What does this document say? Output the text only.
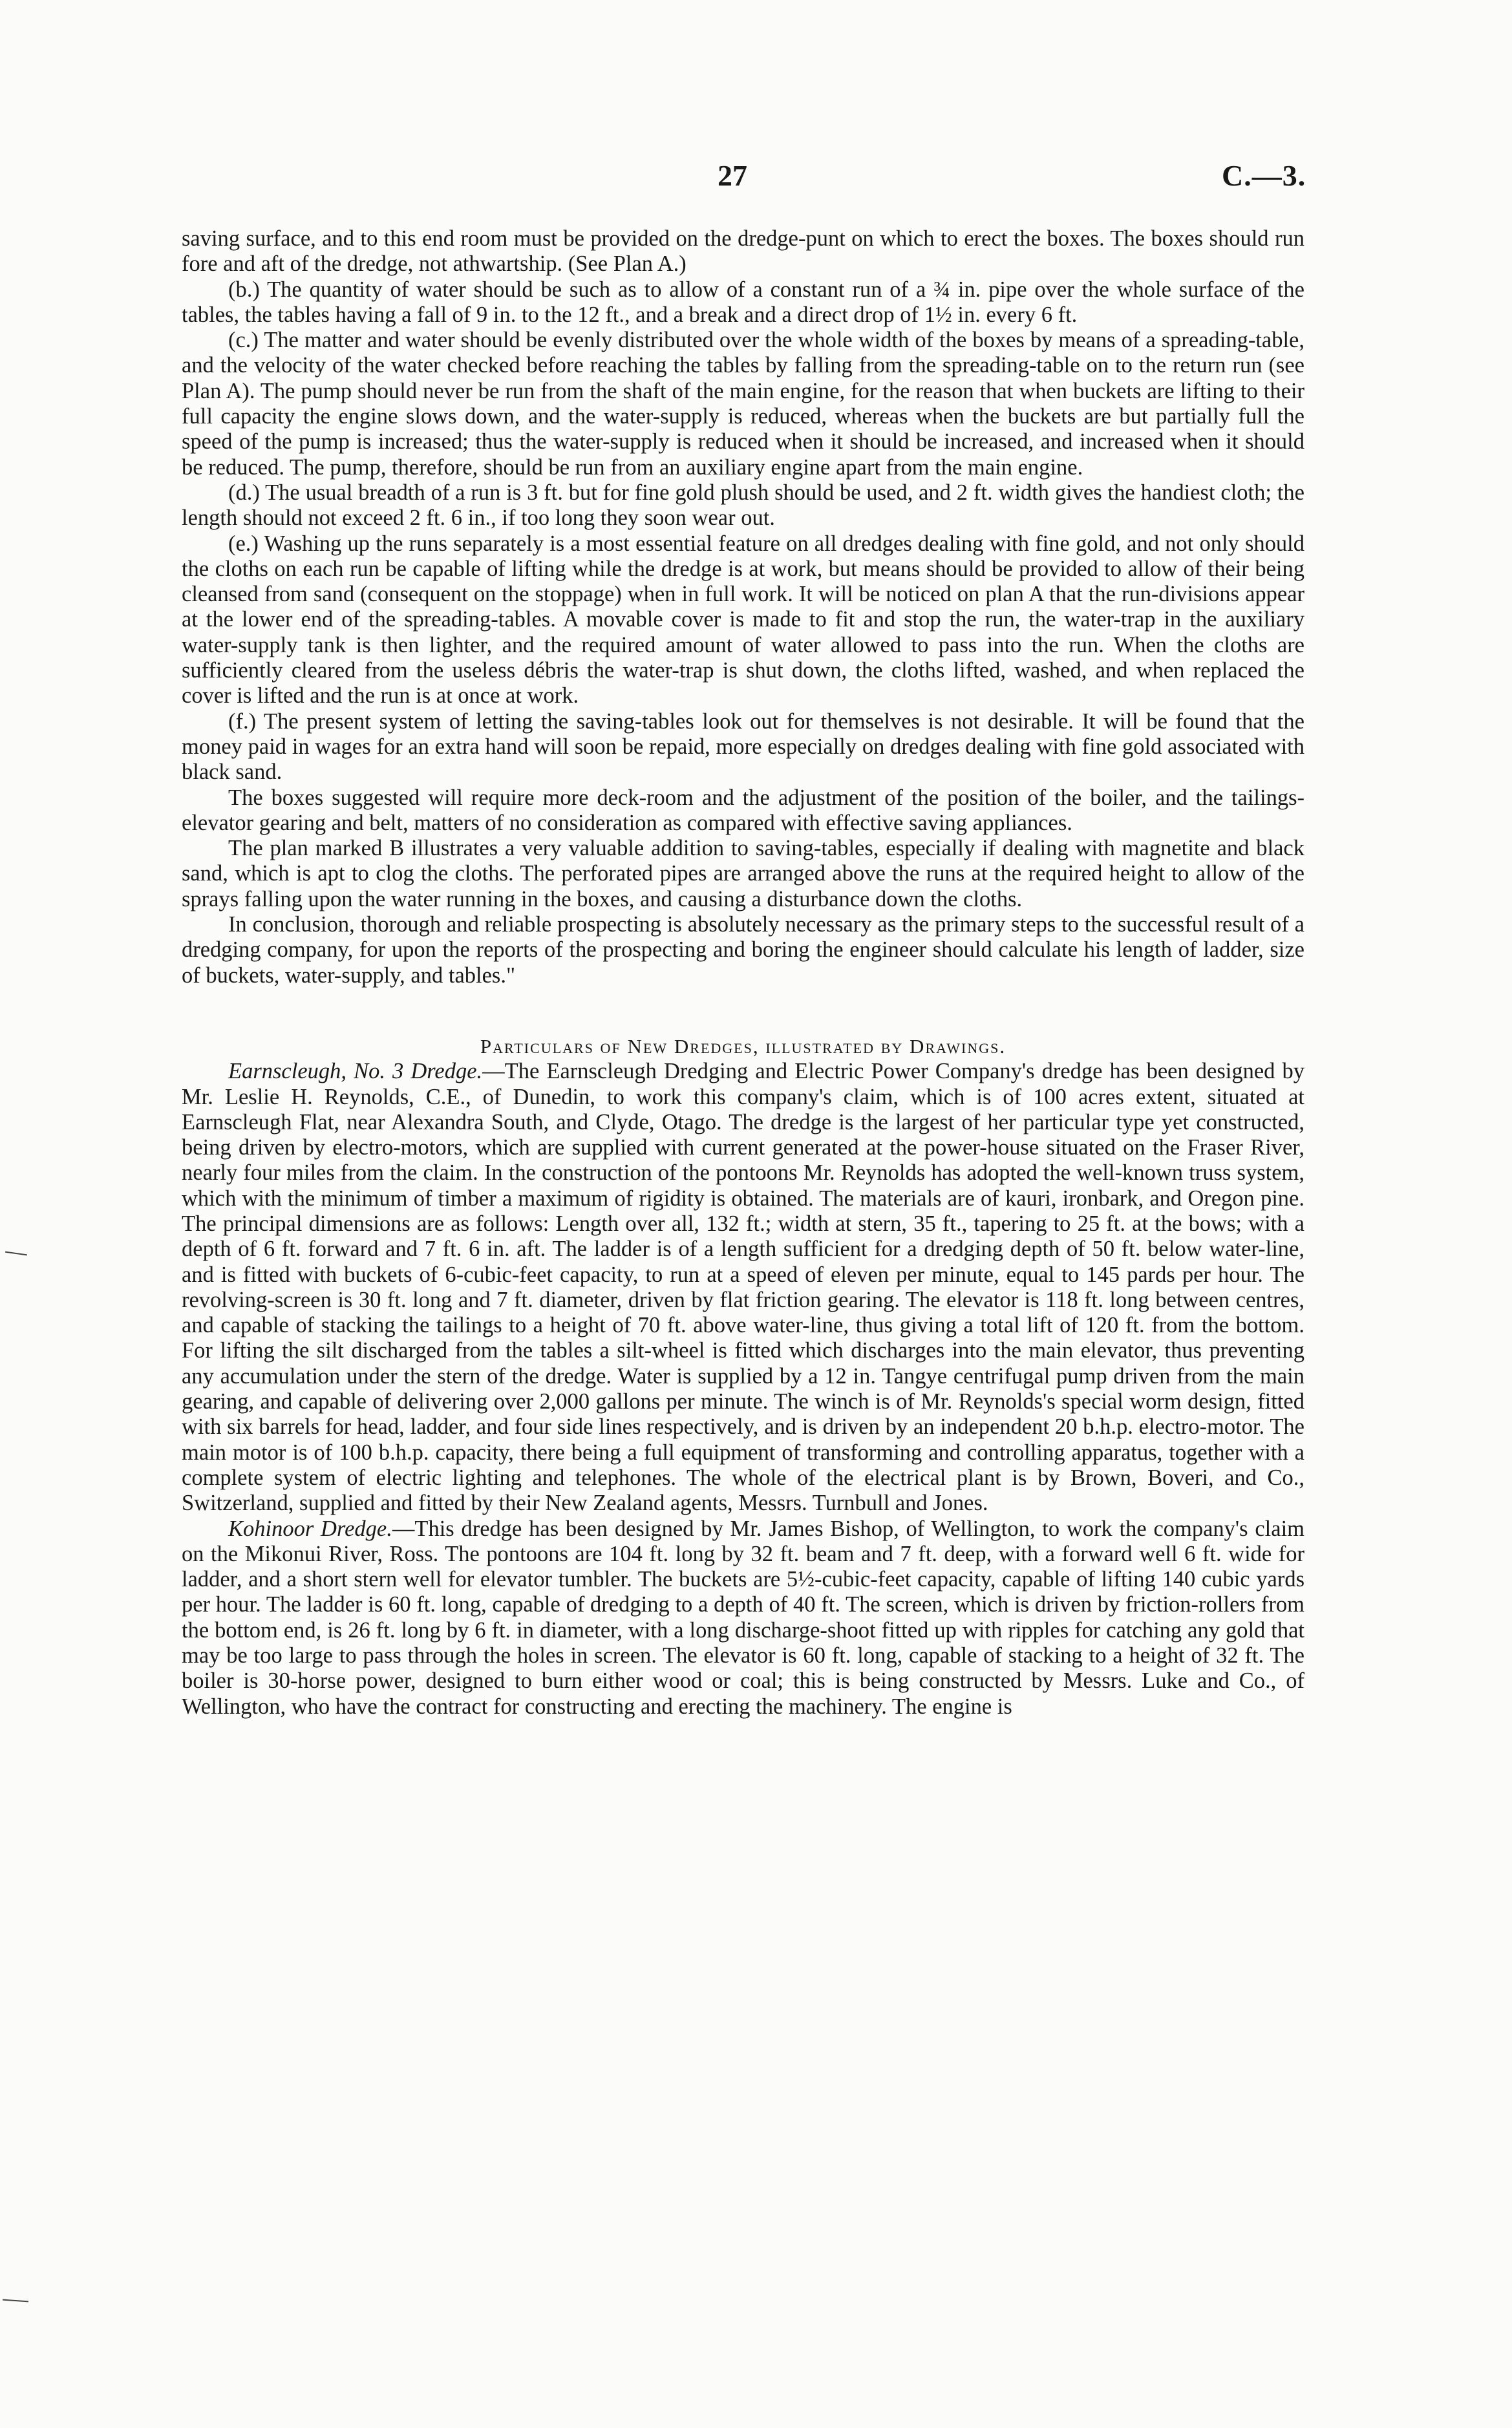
27	C.—3.

saving surface, and to this end room must be provided on the dredge-punt on which to erect the boxes. The boxes should run fore and aft of the dredge, not athwartship. (See Plan A.)

(b.) The quantity of water should be such as to allow of a constant run of a ¾ in. pipe over the whole surface of the tables, the tables having a fall of 9 in. to the 12 ft., and a break and a direct drop of 1½ in. every 6 ft.

(c.) The matter and water should be evenly distributed over the whole width of the boxes by means of a spreading-table, and the velocity of the water checked before reaching the tables by falling from the spreading-table on to the return run (see Plan A). The pump should never be run from the shaft of the main engine, for the reason that when buckets are lifting to their full capacity the engine slows down, and the water-supply is reduced, whereas when the buckets are but partially full the speed of the pump is increased; thus the water-supply is reduced when it should be increased, and increased when it should be reduced. The pump, therefore, should be run from an auxiliary engine apart from the main engine.

(d.) The usual breadth of a run is 3 ft. but for fine gold plush should be used, and 2 ft. width gives the handiest cloth; the length should not exceed 2 ft. 6 in., if too long they soon wear out.

(e.) Washing up the runs separately is a most essential feature on all dredges dealing with fine gold, and not only should the cloths on each run be capable of lifting while the dredge is at work, but means should be provided to allow of their being cleansed from sand (consequent on the stoppage) when in full work. It will be noticed on plan A that the run-divisions appear at the lower end of the spreading-tables. A movable cover is made to fit and stop the run, the water-trap in the auxiliary water-supply tank is then lighter, and the required amount of water allowed to pass into the run. When the cloths are sufficiently cleared from the useless débris the water-trap is shut down, the cloths lifted, washed, and when replaced the cover is lifted and the run is at once at work.

(f.) The present system of letting the saving-tables look out for themselves is not desirable. It will be found that the money paid in wages for an extra hand will soon be repaid, more especially on dredges dealing with fine gold associated with black sand.

The boxes suggested will require more deck-room and the adjustment of the position of the boiler, and the tailings-elevator gearing and belt, matters of no consideration as compared with effective saving appliances.

The plan marked B illustrates a very valuable addition to saving-tables, especially if dealing with magnetite and black sand, which is apt to clog the cloths. The perforated pipes are arranged above the runs at the required height to allow of the sprays falling upon the water running in the boxes, and causing a disturbance down the cloths.

In conclusion, thorough and reliable prospecting is absolutely necessary as the primary steps to the successful result of a dredging company, for upon the reports of the prospecting and boring the engineer should calculate his length of ladder, size of buckets, water-supply, and tables."

Particulars of New Dredges, illustrated by Drawings.

Earnscleugh, No. 3 Dredge.—The Earnscleugh Dredging and Electric Power Company's dredge has been designed by Mr. Leslie H. Reynolds, C.E., of Dunedin, to work this company's claim, which is of 100 acres extent, situated at Earnscleugh Flat, near Alexandra South, and Clyde, Otago. The dredge is the largest of her particular type yet constructed, being driven by electro-motors, which are supplied with current generated at the power-house situated on the Fraser River, nearly four miles from the claim. In the construction of the pontoons Mr. Reynolds has adopted the well-known truss system, which with the minimum of timber a maximum of rigidity is obtained. The materials are of kauri, ironbark, and Oregon pine. The principal dimensions are as follows: Length over all, 132 ft.; width at stern, 35 ft., tapering to 25 ft. at the bows; with a depth of 6 ft. forward and 7 ft. 6 in. aft. The ladder is of a length sufficient for a dredging depth of 50 ft. below water-line, and is fitted with buckets of 6-cubic-feet capacity, to run at a speed of eleven per minute, equal to 145 pards per hour. The revolving-screen is 30 ft. long and 7 ft. diameter, driven by flat friction gearing. The elevator is 118 ft. long between centres, and capable of stacking the tailings to a height of 70 ft. above water-line, thus giving a total lift of 120 ft. from the bottom. For lifting the silt discharged from the tables a silt-wheel is fitted which discharges into the main elevator, thus preventing any accumulation under the stern of the dredge. Water is supplied by a 12 in. Tangye centrifugal pump driven from the main gearing, and capable of delivering over 2,000 gallons per minute. The winch is of Mr. Reynolds's special worm design, fitted with six barrels for head, ladder, and four side lines respectively, and is driven by an independent 20 b.h.p. electro-motor. The main motor is of 100 b.h.p. capacity, there being a full equipment of transforming and controlling apparatus, together with a complete system of electric lighting and telephones. The whole of the electrical plant is by Brown, Boveri, and Co., Switzerland, supplied and fitted by their New Zealand agents, Messrs. Turnbull and Jones.

Kohinoor Dredge.—This dredge has been designed by Mr. James Bishop, of Wellington, to work the company's claim on the Mikonui River, Ross. The pontoons are 104 ft. long by 32 ft. beam and 7 ft. deep, with a forward well 6 ft. wide for ladder, and a short stern well for elevator tumbler. The buckets are 5½-cubic-feet capacity, capable of lifting 140 cubic yards per hour. The ladder is 60 ft. long, capable of dredging to a depth of 40 ft. The screen, which is driven by friction-rollers from the bottom end, is 26 ft. long by 6 ft. in diameter, with a long discharge-shoot fitted up with ripples for catching any gold that may be too large to pass through the holes in screen. The elevator is 60 ft. long, capable of stacking to a height of 32 ft. The boiler is 30-horse power, designed to burn either wood or coal; this is being constructed by Messrs. Luke and Co., of Wellington, who have the contract for constructing and erecting the machinery. The engine is
